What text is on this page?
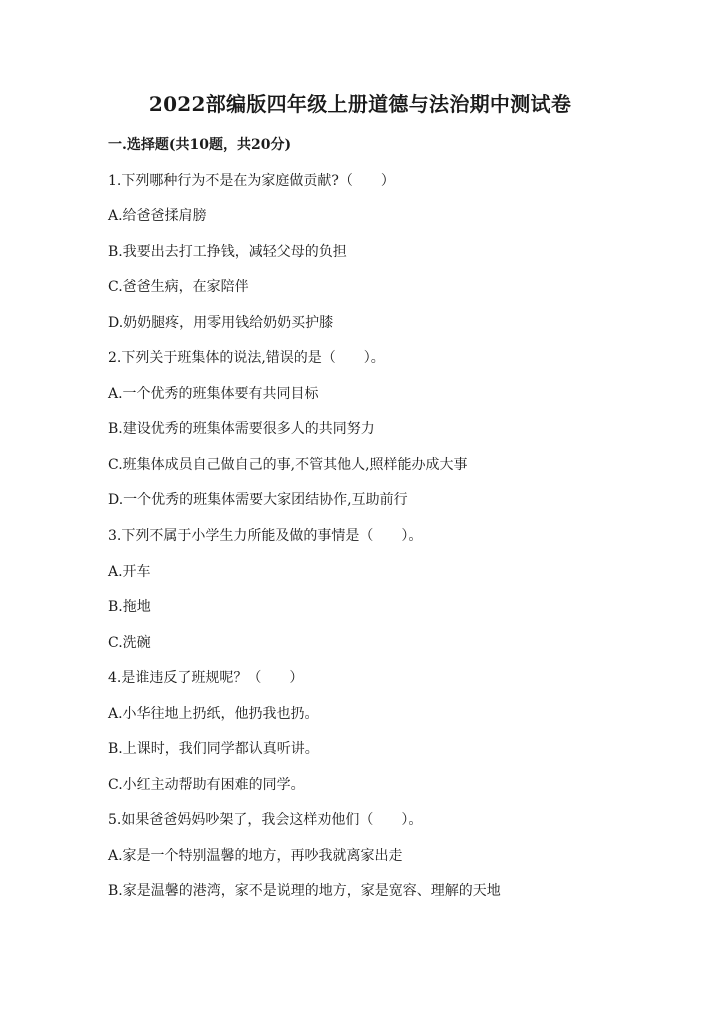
2022部编版四年级上册道德与法治期中测试卷
一.选择题(共10题，共20分)
1.下列哪种行为不是在为家庭做贡献?（　　）
A.给爸爸揉肩膀
B.我要出去打工挣钱，减轻父母的负担
C.爸爸生病，在家陪伴
D.奶奶腿疼，用零用钱给奶奶买护膝
2.下列关于班集体的说法,错误的是（　　）。
A.一个优秀的班集体要有共同目标
B.建设优秀的班集体需要很多人的共同努力
C.班集体成员自己做自己的事,不管其他人,照样能办成大事
D.一个优秀的班集体需要大家团结协作,互助前行
3.下列不属于小学生力所能及做的事情是（　　）。
A.开车
B.拖地
C.洗碗
4.是谁违反了班规呢？（　　）
A.小华往地上扔纸，他扔我也扔。
B.上课时，我们同学都认真听讲。
C.小红主动帮助有困难的同学。
5.如果爸爸妈妈吵架了，我会这样劝他们（　　）。
A.家是一个特别温馨的地方，再吵我就离家出走
B.家是温馨的港湾，家不是说理的地方，家是宽容、理解的天地
